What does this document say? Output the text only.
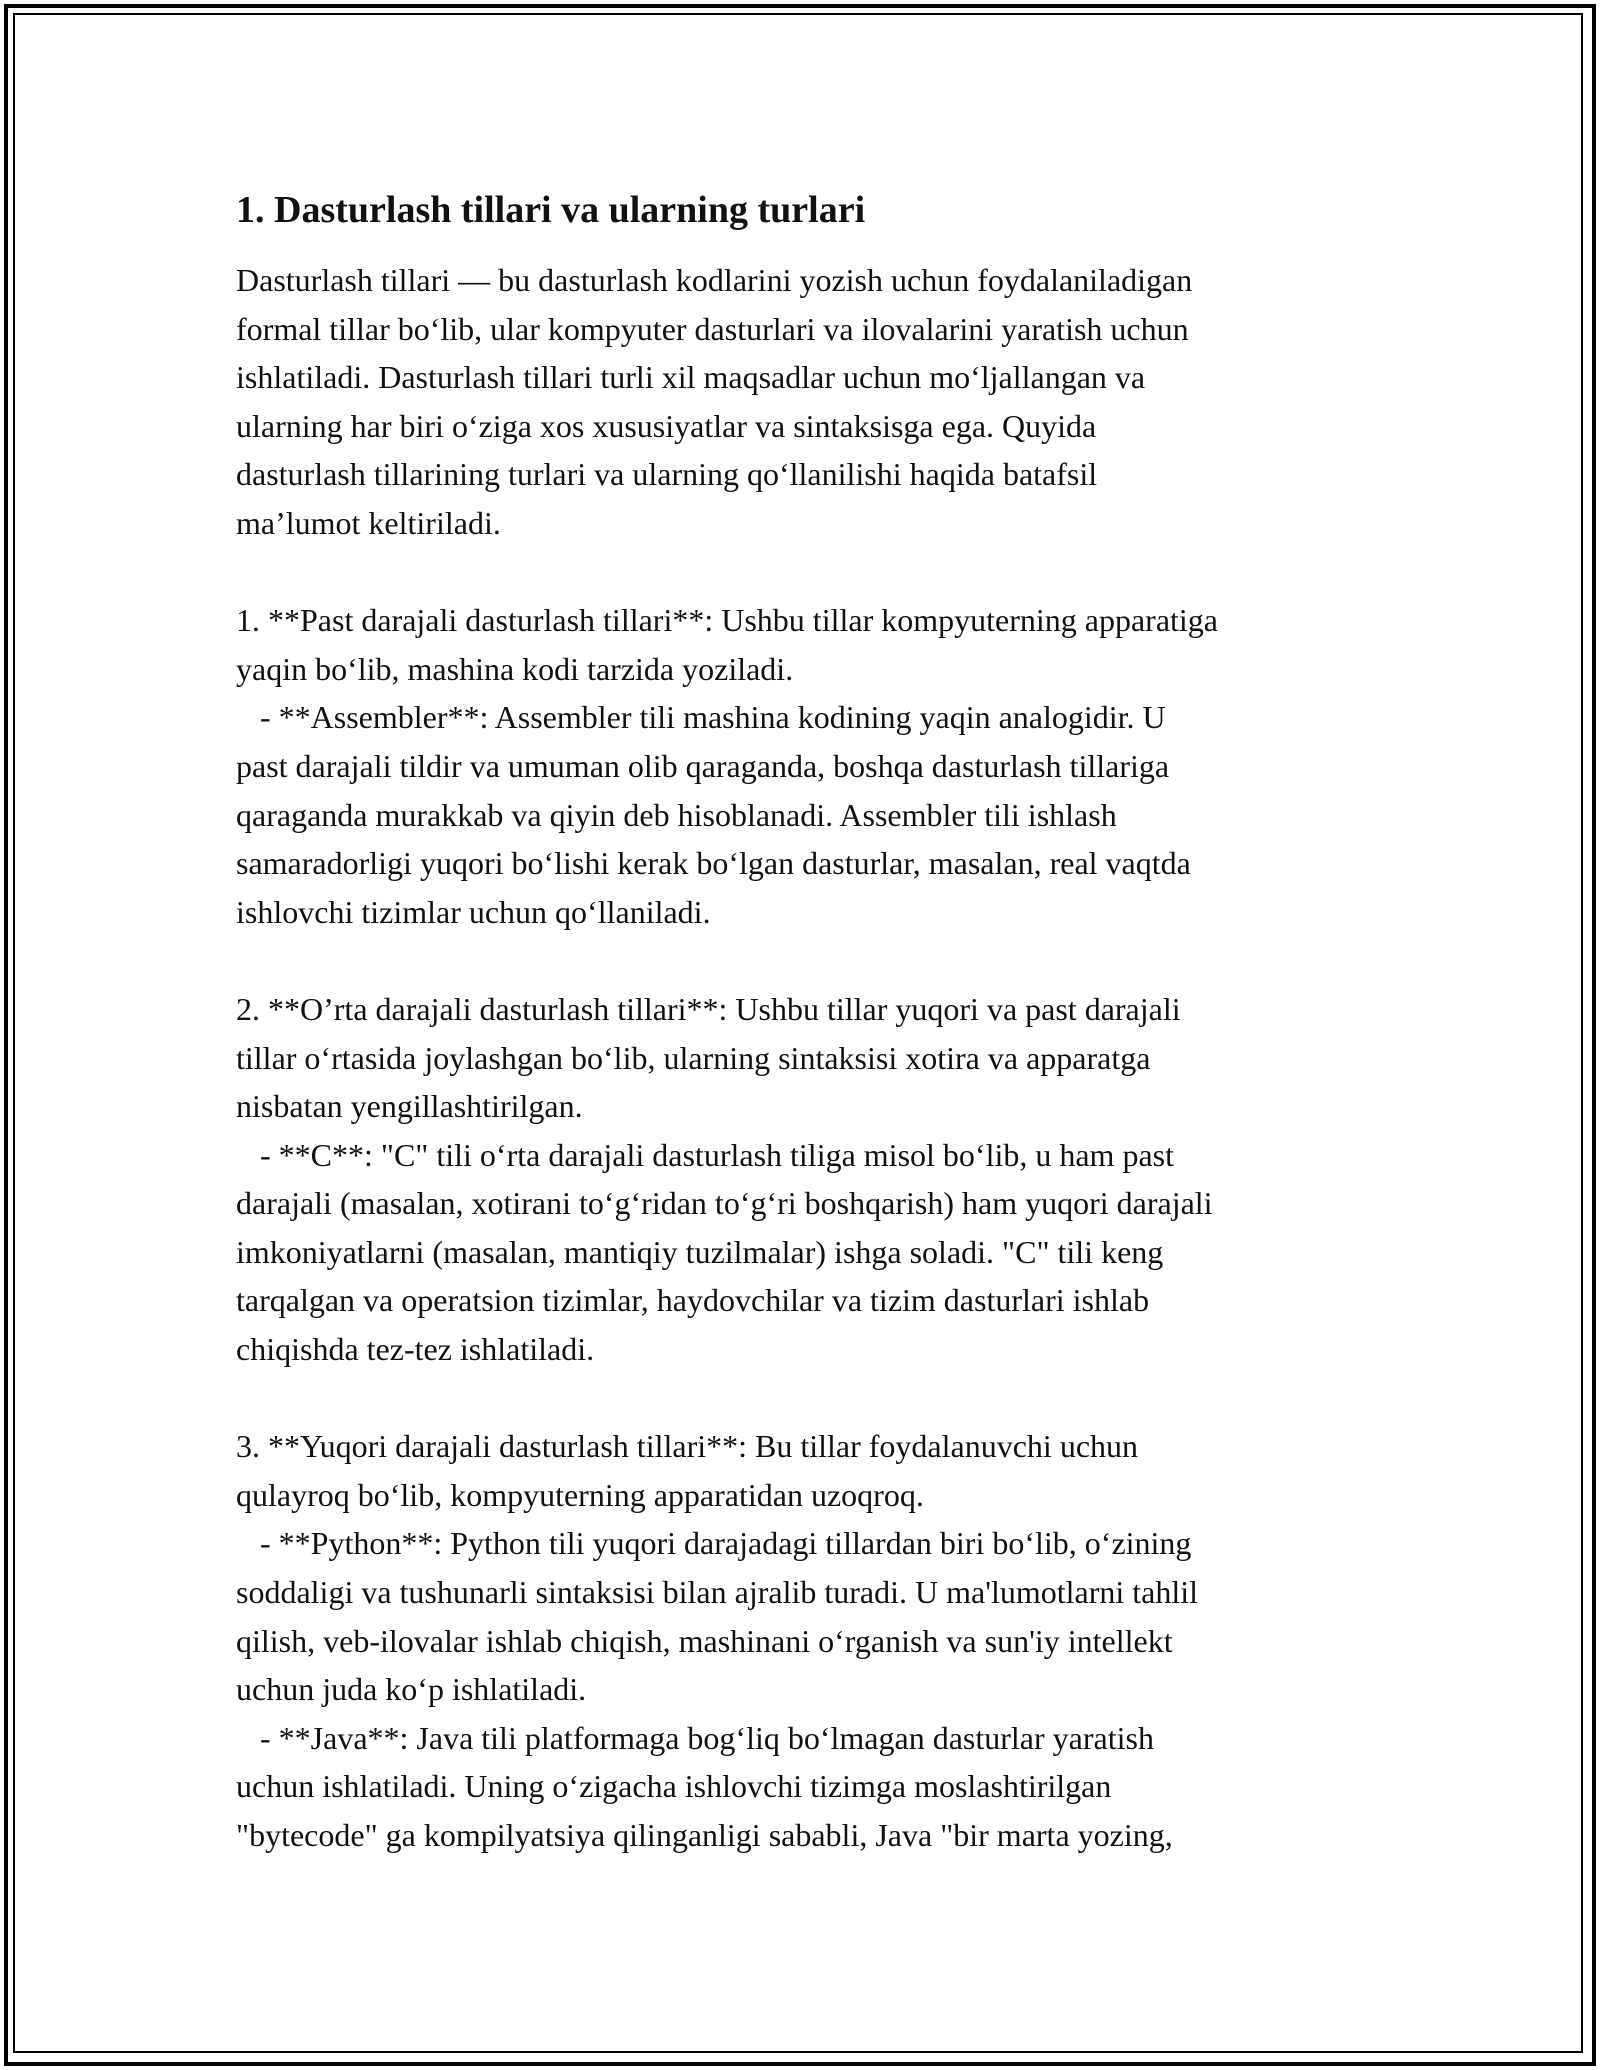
1. Dasturlash tillari va ularning turlari
Dasturlash tillari — bu dasturlash kodlarini yozish uchun foydalaniladigan
formal tillar bo‘lib, ular kompyuter dasturlari va ilovalarini yaratish uchun
ishlatiladi. Dasturlash tillari turli xil maqsadlar uchun mo‘ljallangan va
ularning har biri o‘ziga xos xususiyatlar va sintaksisga ega. Quyida
dasturlash tillarining turlari va ularning qo‘llanilishi haqida batafsil
ma’lumot keltiriladi.
1. **Past darajali dasturlash tillari**: Ushbu tillar kompyuterning apparatiga
yaqin bo‘lib, mashina kodi tarzida yoziladi.
- **Assembler**: Assembler tili mashina kodining yaqin analogidir. U
past darajali tildir va umuman olib qaraganda, boshqa dasturlash tillariga
qaraganda murakkab va qiyin deb hisoblanadi. Assembler tili ishlash
samaradorligi yuqori bo‘lishi kerak bo‘lgan dasturlar, masalan, real vaqtda
ishlovchi tizimlar uchun qo‘llaniladi.
2. **O’rta darajali dasturlash tillari**: Ushbu tillar yuqori va past darajali
tillar o‘rtasida joylashgan bo‘lib, ularning sintaksisi xotira va apparatga
nisbatan yengillashtirilgan.
- **C**: "C" tili o‘rta darajali dasturlash tiliga misol bo‘lib, u ham past
darajali (masalan, xotirani to‘g‘ridan to‘g‘ri boshqarish) ham yuqori darajali
imkoniyatlarni (masalan, mantiqiy tuzilmalar) ishga soladi. "C" tili keng
tarqalgan va operatsion tizimlar, haydovchilar va tizim dasturlari ishlab
chiqishda tez-tez ishlatiladi.
3. **Yuqori darajali dasturlash tillari**: Bu tillar foydalanuvchi uchun
qulayroq bo‘lib, kompyuterning apparatidan uzoqroq.
- **Python**: Python tili yuqori darajadagi tillardan biri bo‘lib, o‘zining
soddaligi va tushunarli sintaksisi bilan ajralib turadi. U ma'lumotlarni tahlil
qilish, veb-ilovalar ishlab chiqish, mashinani o‘rganish va sun'iy intellekt
uchun juda ko‘p ishlatiladi.
- **Java**: Java tili platformaga bog‘liq bo‘lmagan dasturlar yaratish
uchun ishlatiladi. Uning o‘zigacha ishlovchi tizimga moslashtirilgan
"bytecode" ga kompilyatsiya qilinganligi sababli, Java "bir marta yozing,
